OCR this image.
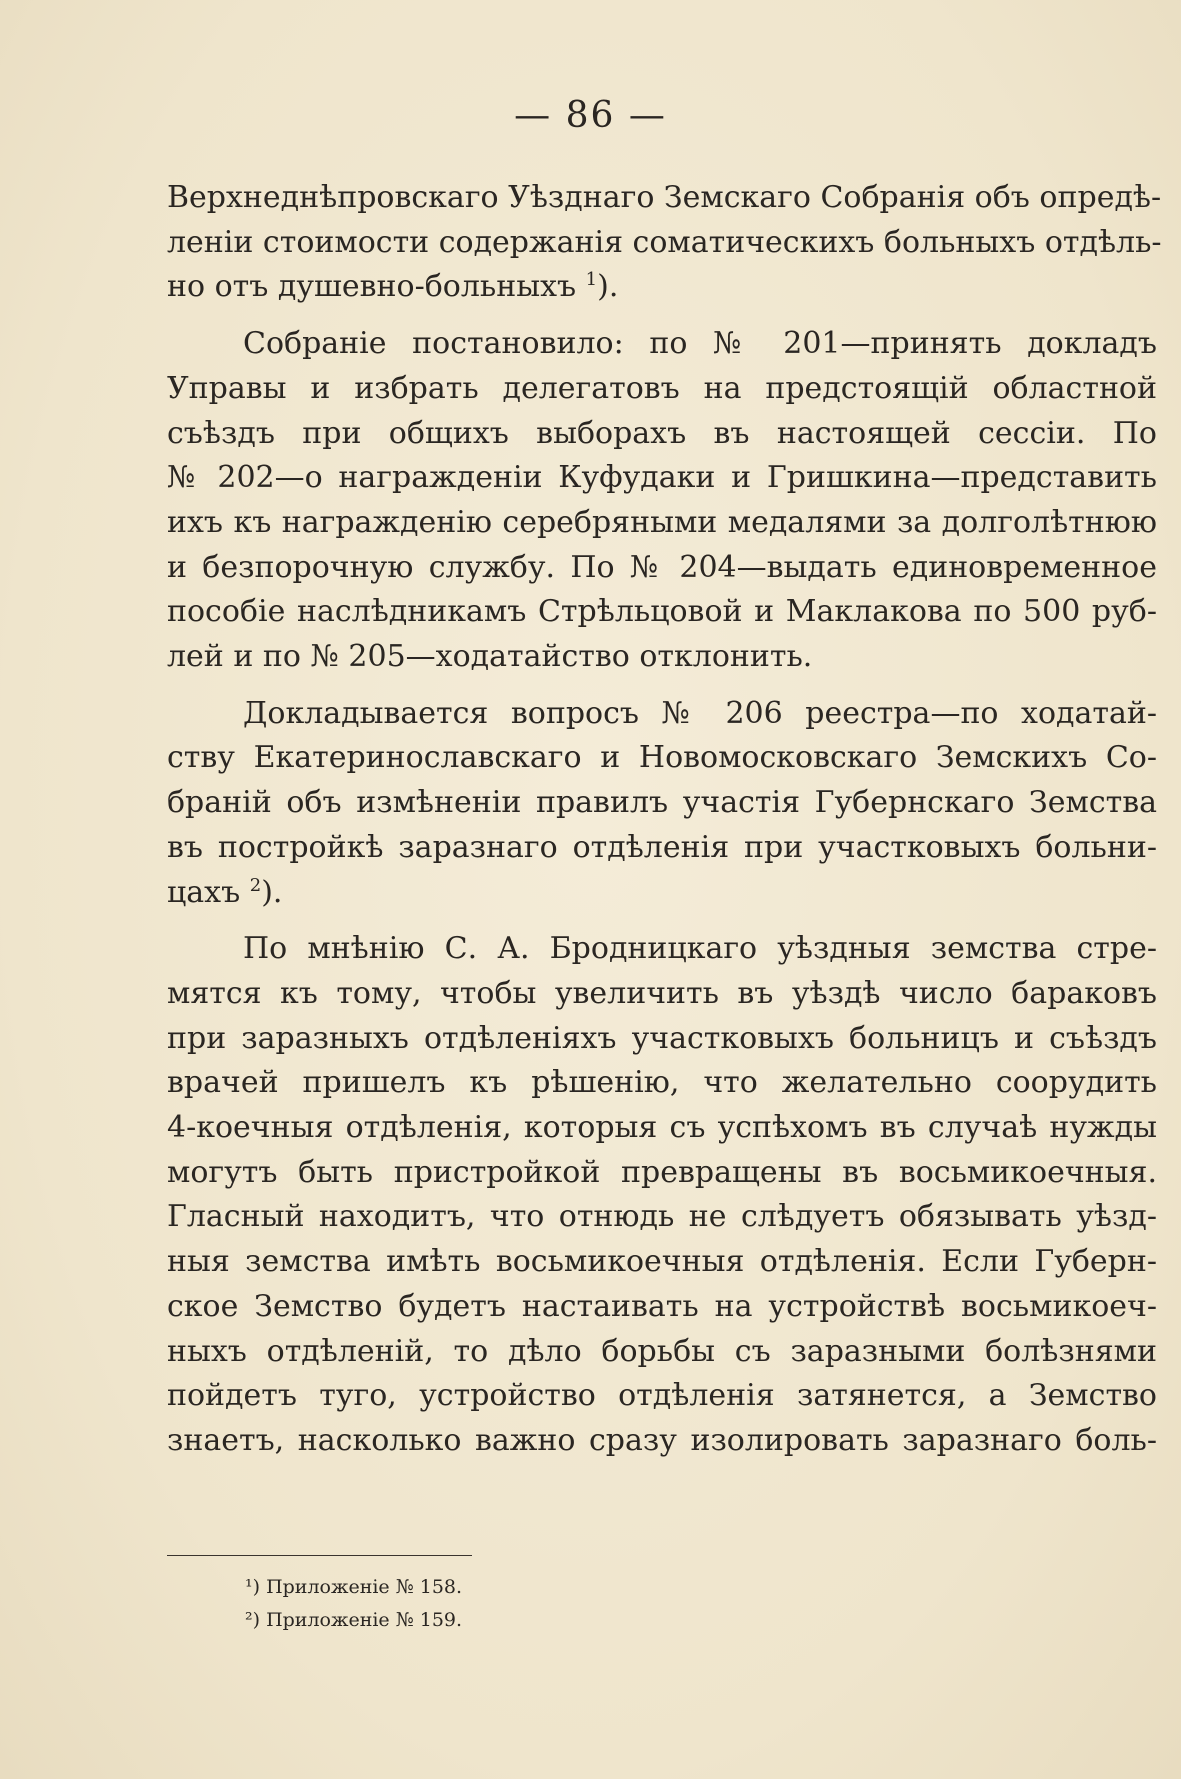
— 86 —
Верхнеднѣпровскаго Уѣзднаго Земскаго Собранія объ опредѣ-
леніи стоимости содержанія соматическихъ больныхъ отдѣль-
но отъ душевно-больныхъ $^1$).
Собраніе постановило: по № 201—принять докладъ
Управы и избрать делегатовъ на предстоящій областной
съѣздъ при общихъ выборахъ въ настоящей сессіи. По
№ 202—о награжденіи Куфудаки и Гришкина—представить
ихъ къ награжденію серебряными медалями за долголѣтнюю
и безпорочную службу. По № 204—выдать единовременное
пособіе наслѣдникамъ Стрѣльцовой и Маклакова по 500 руб-
лей и по № 205—ходатайство отклонить.
Докладывается вопросъ № 206 реестра—по ходатай-
ству Екатеринославскаго и Новомосковскаго Земскихъ Со-
браній объ измѣненіи правилъ участія Губернскаго Земства
въ постройкѣ заразнаго отдѣленія при участковыхъ больни-
цахъ $^2$).
По мнѣнію С. А. Бродницкаго уѣздныя земства стре-
мятся къ тому, чтобы увеличить въ уѣздѣ число бараковъ
при заразныхъ отдѣленіяхъ участковыхъ больницъ и съѣздъ
врачей пришелъ къ рѣшенію, что желательно соорудить
4-коечныя отдѣленія, которыя съ успѣхомъ въ случаѣ нужды
могутъ быть пристройкой превращены въ восьмикоечныя.
Гласный находитъ, что отнюдь не слѣдуетъ обязывать уѣзд-
ныя земства имѣть восьмикоечныя отдѣленія. Если Губерн-
ское Земство будетъ настаивать на устройствѣ восьмикоеч-
ныхъ отдѣленій, то дѣло борьбы съ заразными болѣзнями
пойдетъ туго, устройство отдѣленія затянется, а Земство
знаетъ, насколько важно сразу изолировать заразнаго боль-
¹) Приложеніе № 158.
²) Приложеніе № 159.
